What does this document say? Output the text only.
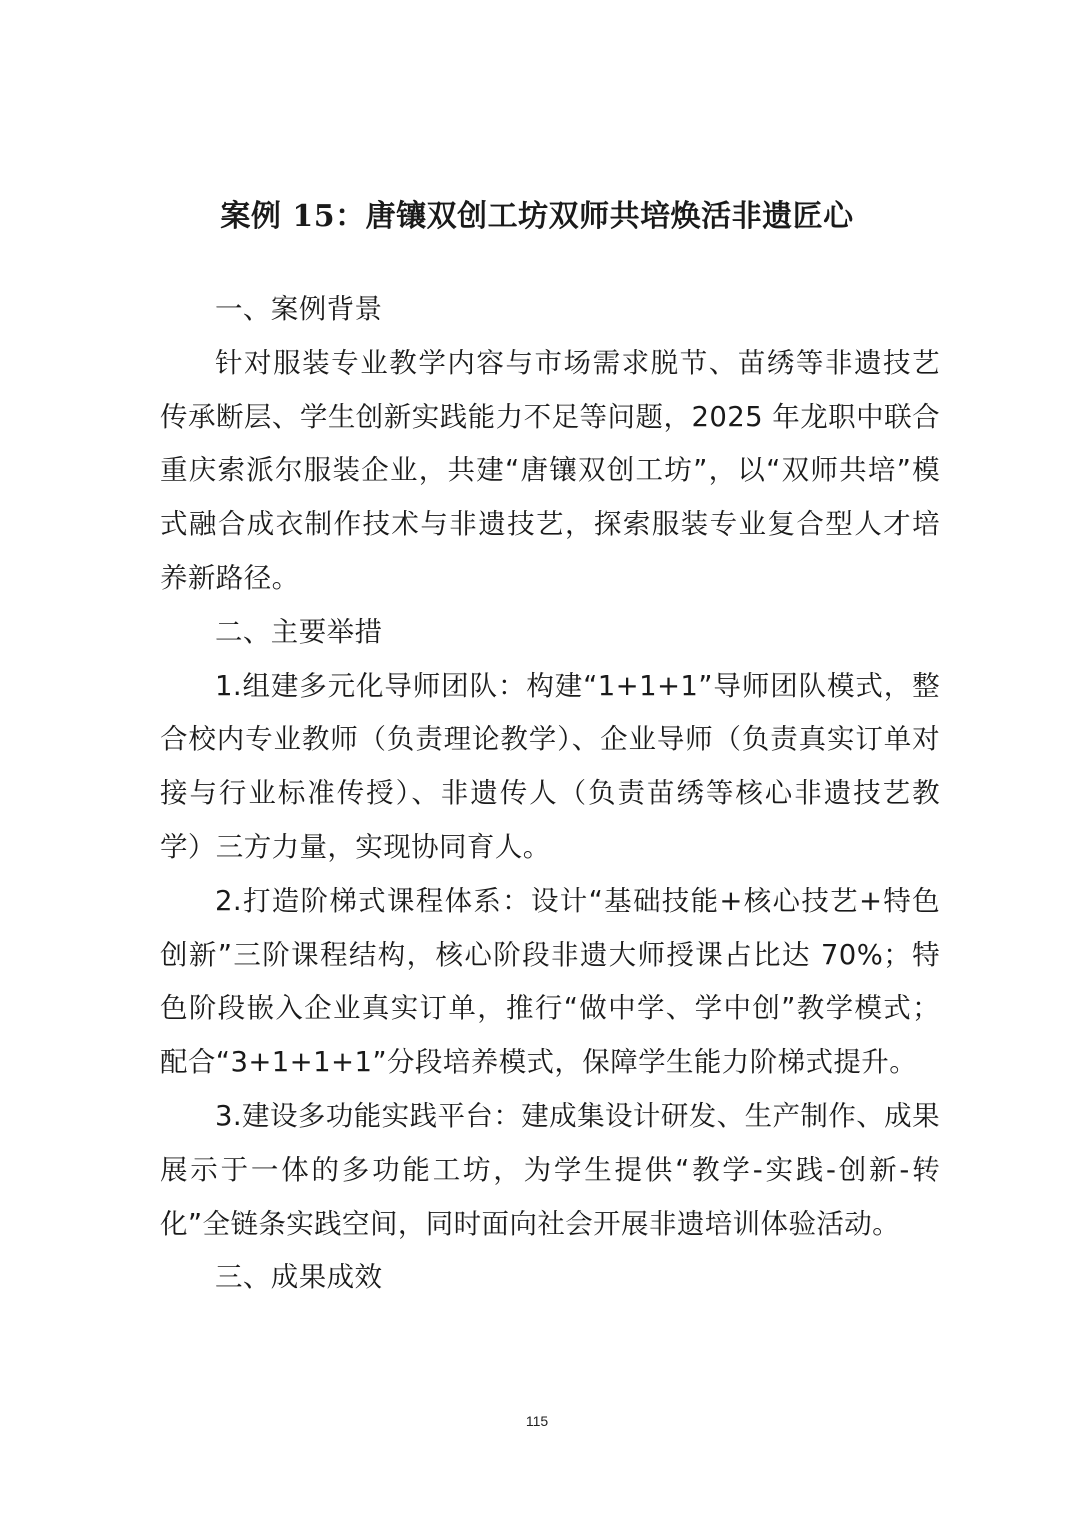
案例 15：唐镶双创工坊双师共培焕活非遗匠心

一、案例背景

针对服装专业教学内容与市场需求脱节、苗绣等非遗技艺传承断层、学生创新实践能力不足等问题，2025 年龙职中联合重庆索派尔服装企业，共建“唐镶双创工坊”，以“双师共培”模式融合成衣制作技术与非遗技艺，探索服装专业复合型人才培养新路径。

二、主要举措

1.组建多元化导师团队：构建“1+1+1”导师团队模式，整合校内专业教师（负责理论教学）、企业导师（负责真实订单对接与行业标准传授）、非遗传人（负责苗绣等核心非遗技艺教学）三方力量，实现协同育人。

2.打造阶梯式课程体系：设计“基础技能+核心技艺+特色创新”三阶课程结构，核心阶段非遗大师授课占比达 70%；特色阶段嵌入企业真实订单，推行“做中学、学中创”教学模式；配合“3+1+1+1”分段培养模式，保障学生能力阶梯式提升。

3.建设多功能实践平台：建成集设计研发、生产制作、成果展示于一体的多功能工坊，为学生提供“教学-实践-创新-转化”全链条实践空间，同时面向社会开展非遗培训体验活动。

三、成果成效

115
